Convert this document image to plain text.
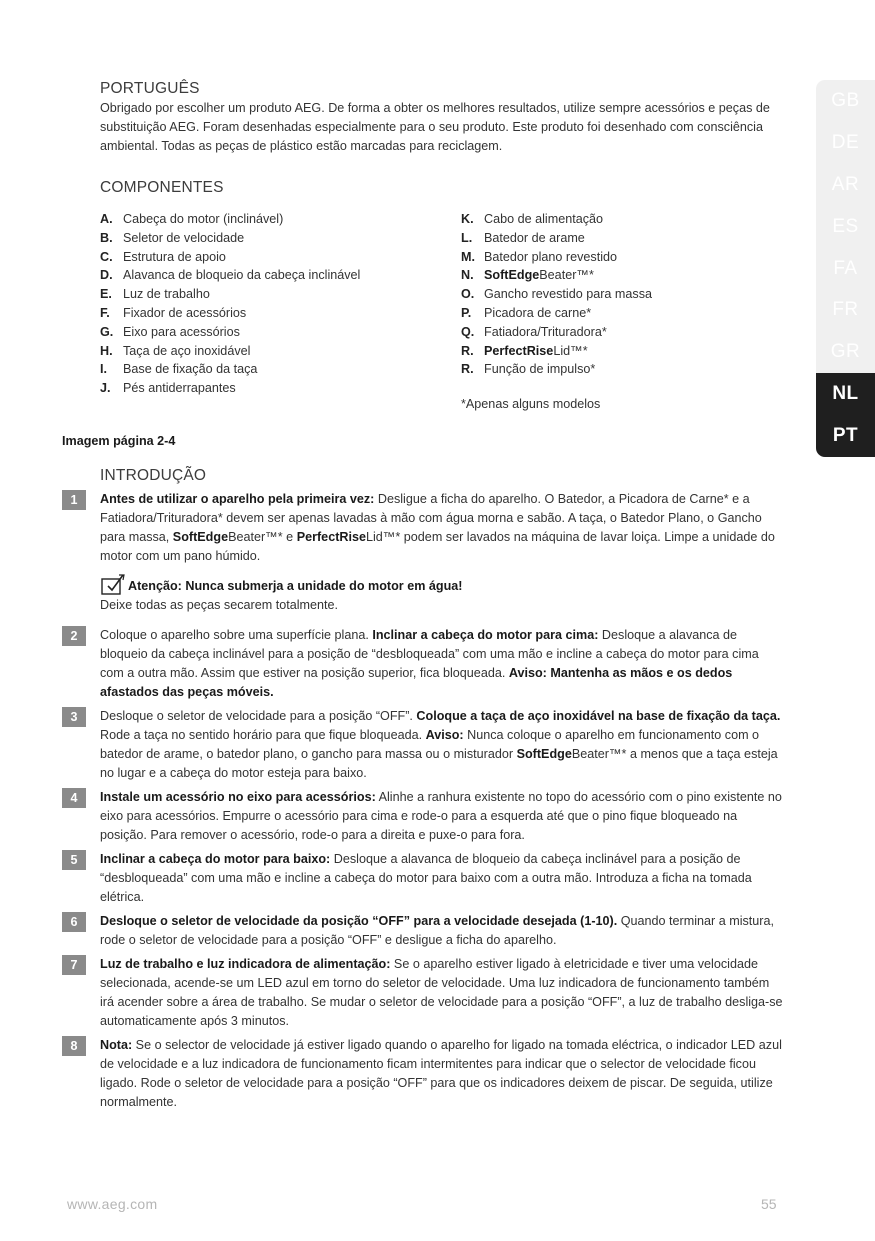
GB
DE
AR
ES
FA
FR
GR
NL
PT
PORTUGUÊS
Obrigado por escolher um produto AEG. De forma a obter os melhores resultados, utilize sempre acessórios e peças de substituição AEG. Foram desenhadas especialmente para o seu produto. Este produto foi desenhado com consciência ambiental. Todas as peças de plástico estão marcadas para reciclagem.
COMPONENTES
A. Cabeça do motor (inclinável)
B. Seletor de velocidade
C. Estrutura de apoio
D. Alavanca de bloqueio da cabeça inclinável
E. Luz de trabalho
F.	Fixador de acessórios
G. Eixo para acessórios
H. Taça de aço inoxidável
I.	Base de fixação da taça
J. Pés antiderrapantes
K. Cabo de alimentação
L. Batedor de arame
M. Batedor plano revestido
N. SoftEdgeBeater™*
O. Gancho revestido para massa
P.	Picadora de carne*
Q. Fatiadora/Trituradora*
R. PerfectRiseLid™*
R. Função de impulso*
*Apenas alguns modelos
Imagem página 2-4
INTRODUÇÃO
1	Antes de utilizar o aparelho pela primeira vez: Desligue a ficha do aparelho. O Batedor, a Picadora de Carne* e a Fatiadora/Trituradora* devem ser apenas lavadas à mão com água morna e sabão. A taça, o Batedor Plano, o Gancho para massa, SoftEdgeBeater™* e PerfectRiseLid™* podem ser lavados na máquina de lavar loiça. Limpe a unidade do motor com um pano húmido.
Atenção: Nunca submerja a unidade do motor em água!
Deixe todas as peças secarem totalmente.
2	Coloque o aparelho sobre uma superfície plana. Inclinar a cabeça do motor para cima: Desloque a alavanca de bloqueio da cabeça inclinável para a posição de “desbloqueada” com uma mão e incline a cabeça do motor para cima com a outra mão. Assim que estiver na posição superior, fica bloqueada. Aviso: Mantenha as mãos e os dedos afastados das peças móveis.
3	Desloque o seletor de velocidade para a posição “OFF”. Coloque a taça de aço inoxidável na base de fixação da taça. Rode a taça no sentido horário para que fique bloqueada. Aviso: Nunca coloque o aparelho em funcionamento com o batedor de arame, o batedor plano, o gancho para massa ou o misturador SoftEdgeBeater™* a menos que a taça esteja no lugar e a cabeça do motor esteja para baixo.
4	Instale um acessório no eixo para acessórios: Alinhe a ranhura existente no topo do acessório com o pino existente no eixo para acessórios. Empurre o acessório para cima e rode-o para a esquerda até que o pino fique bloqueado na posição. Para remover o acessório, rode-o para a direita e puxe-o para fora.
5	Inclinar a cabeça do motor para baixo: Desloque a alavanca de bloqueio da cabeça inclinável para a posição de “desbloqueada” com uma mão e incline a cabeça do motor para baixo com a outra mão. Introduza a ficha na tomada elétrica.
6	Desloque o seletor de velocidade da posição “OFF” para a velocidade desejada (1-10). Quando terminar a mistura, rode o seletor de velocidade para a posição “OFF” e desligue a ficha do aparelho.
7	Luz de trabalho e luz indicadora de alimentação: Se o aparelho estiver ligado à eletricidade e tiver uma velocidade selecionada, acende-se um LED azul em torno do seletor de velocidade. Uma luz indicadora de funcionamento também irá acender sobre a área de trabalho. Se mudar o seletor de velocidade para a posição “OFF”, a luz de trabalho desliga-se automaticamente após 3 minutos.
8	Nota: Se o selector de velocidade já estiver ligado quando o aparelho for ligado na tomada eléctrica, o indicador LED azul de velocidade e a luz indicadora de funcionamento ficam intermitentes para indicar que o selector de velocidade ficou ligado. Rode o seletor de velocidade para a posição “OFF” para que os indicadores deixem de piscar. De seguida, utilize normalmente.
www.aeg.com	55
